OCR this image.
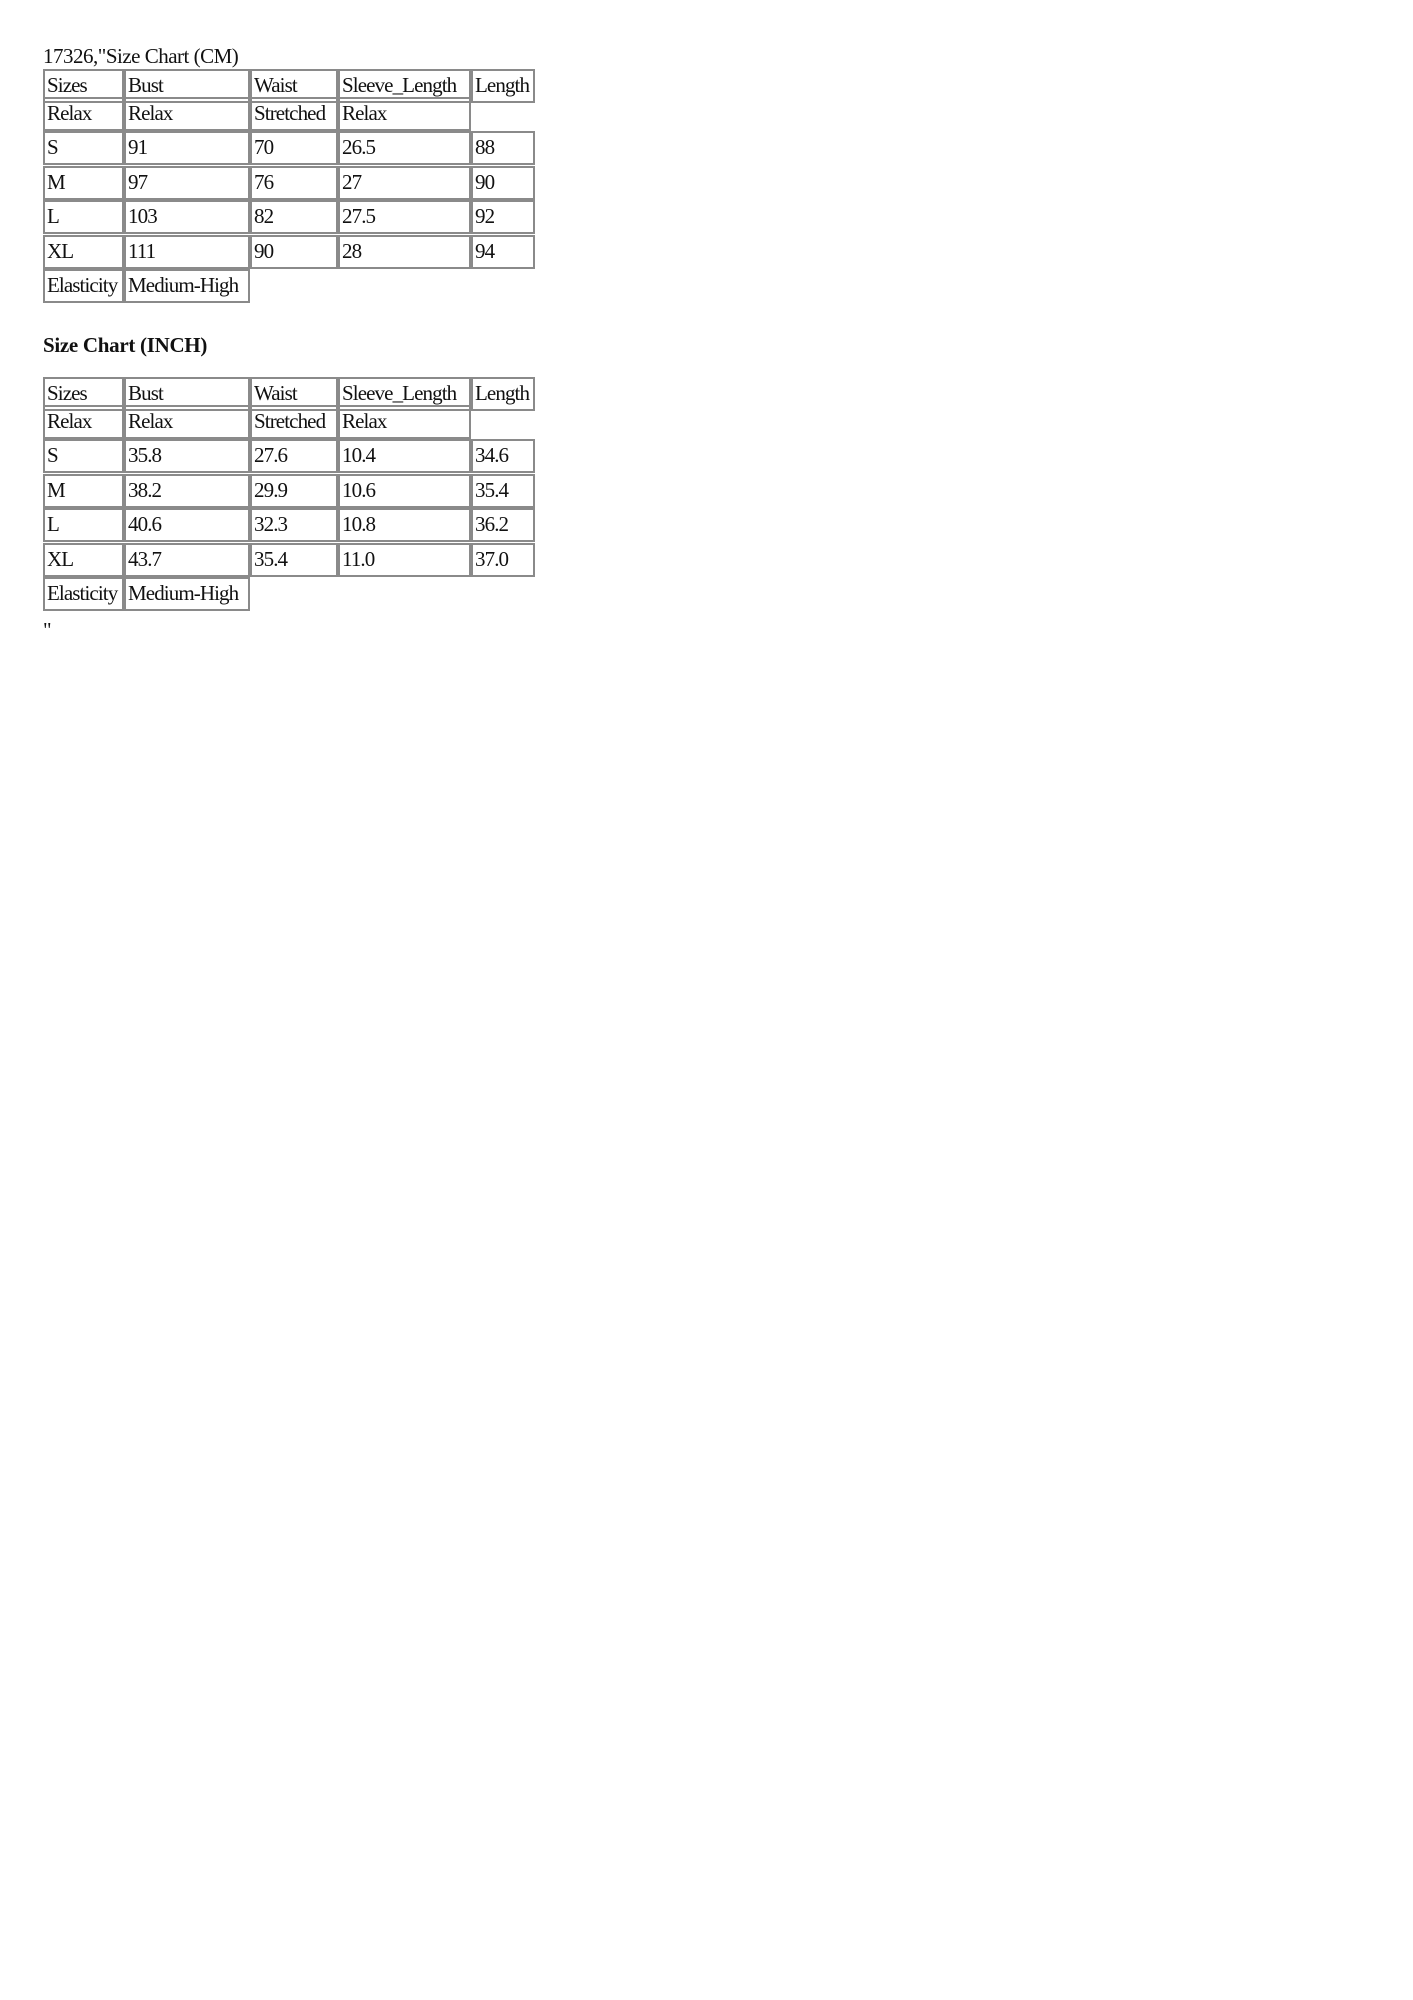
17326,"Size Chart (CM)
Sizes	Bust	Waist	Sleeve_Length Length
Relax	Relax	Stretched Relax
S	91	70	26.5	88
M	97	76	27	90
L	103	82	27.5	92
XL	111	90	28	94
Elasticity Medium-High
Size Chart (INCH)
Sizes	Bust	Waist	Sleeve_Length Length
Relax	Relax	Stretched Relax
S	35.8	27.6	10.4	34.6
M	38.2	29.9	10.6	35.4
L	40.6	32.3	10.8	36.2
XL	43.7	35.4	11.0	37.0
Elasticity Medium-High
"
